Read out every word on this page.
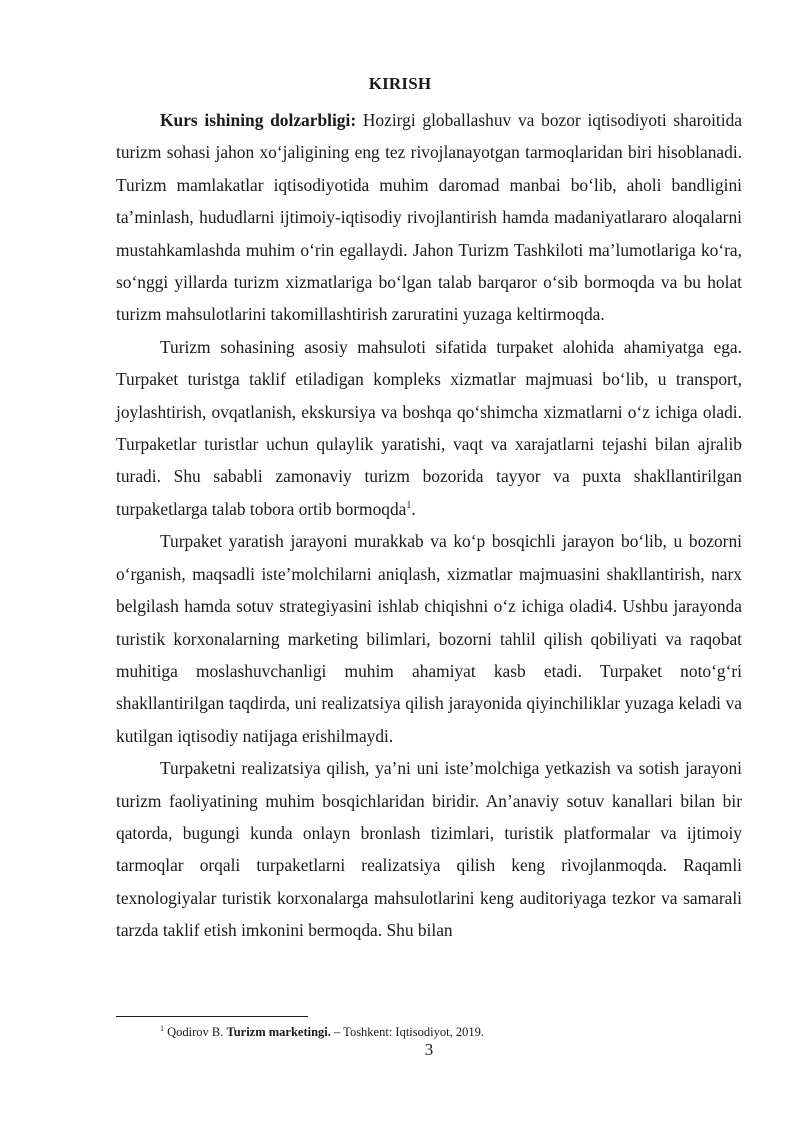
KIRISH

Kurs ishining dolzarbligi: Hozirgi globallashuv va bozor iqtisodiyoti sharoitida turizm sohasi jahon xo‘jaligining eng tez rivojlanayotgan tarmoqlaridan biri hisoblanadi. Turizm mamlakatlar iqtisodiyotida muhim daromad manbai bo‘lib, aholi bandligini ta’minlash, hududlarni ijtimoiy-iqtisodiy rivojlantirish hamda madaniyatlararo aloqalarni mustahkamlashda muhim o‘rin egallaydi. Jahon Turizm Tashkiloti ma’lumotlariga ko‘ra, so‘nggi yillarda turizm xizmatlariga bo‘lgan talab barqaror o‘sib bormoqda va bu holat turizm mahsulotlarini takomillashtirish zaruratini yuzaga keltirmoqda.

Turizm sohasining asosiy mahsuloti sifatida turpaket alohida ahamiyatga ega. Turpaket turistga taklif etiladigan kompleks xizmatlar majmuasi bo‘lib, u transport, joylashtirish, ovqatlanish, ekskursiya va boshqa qo‘shimcha xizmatlarni o‘z ichiga oladi. Turpaketlar turistlar uchun qulaylik yaratishi, vaqt va xarajatlarni tejashi bilan ajralib turadi. Shu sababli zamonaviy turizm bozorida tayyor va puxta shakllantirilgan turpaketlarga talab tobora ortib bormoqda$^1$.

Turpaket yaratish jarayoni murakkab va ko‘p bosqichli jarayon bo‘lib, u bozorni o‘rganish, maqsadli iste’molchilarni aniqlash, xizmatlar majmuasini shakllantirish, narx belgilash hamda sotuv strategiyasini ishlab chiqishni o‘z ichiga oladi4. Ushbu jarayonda turistik korxonalarning marketing bilimlari, bozorni tahlil qilish qobiliyati va raqobat muhitiga moslashuvchanligi muhim ahamiyat kasb etadi. Turpaket noto‘g‘ri shakllantirilgan taqdirda, uni realizatsiya qilish jarayonida qiyinchiliklar yuzaga keladi va kutilgan iqtisodiy natijaga erishilmaydi.

Turpaketni realizatsiya qilish, ya’ni uni iste’molchiga yetkazish va sotish jarayoni turizm faoliyatining muhim bosqichlaridan biridir. An’anaviy sotuv kanallari bilan bir qatorda, bugungi kunda onlayn bronlash tizimlari, turistik platformalar va ijtimoiy tarmoqlar orqali turpaketlarni realizatsiya qilish keng rivojlanmoqda. Raqamli texnologiyalar turistik korxonalarga mahsulotlarini keng auditoriyaga tezkor va samarali tarzda taklif etish imkonini bermoqda. Shu bilan

$^1$ Qodirov B. Turizm marketingi. – Toshkent: Iqtisodiyot, 2019.
3
